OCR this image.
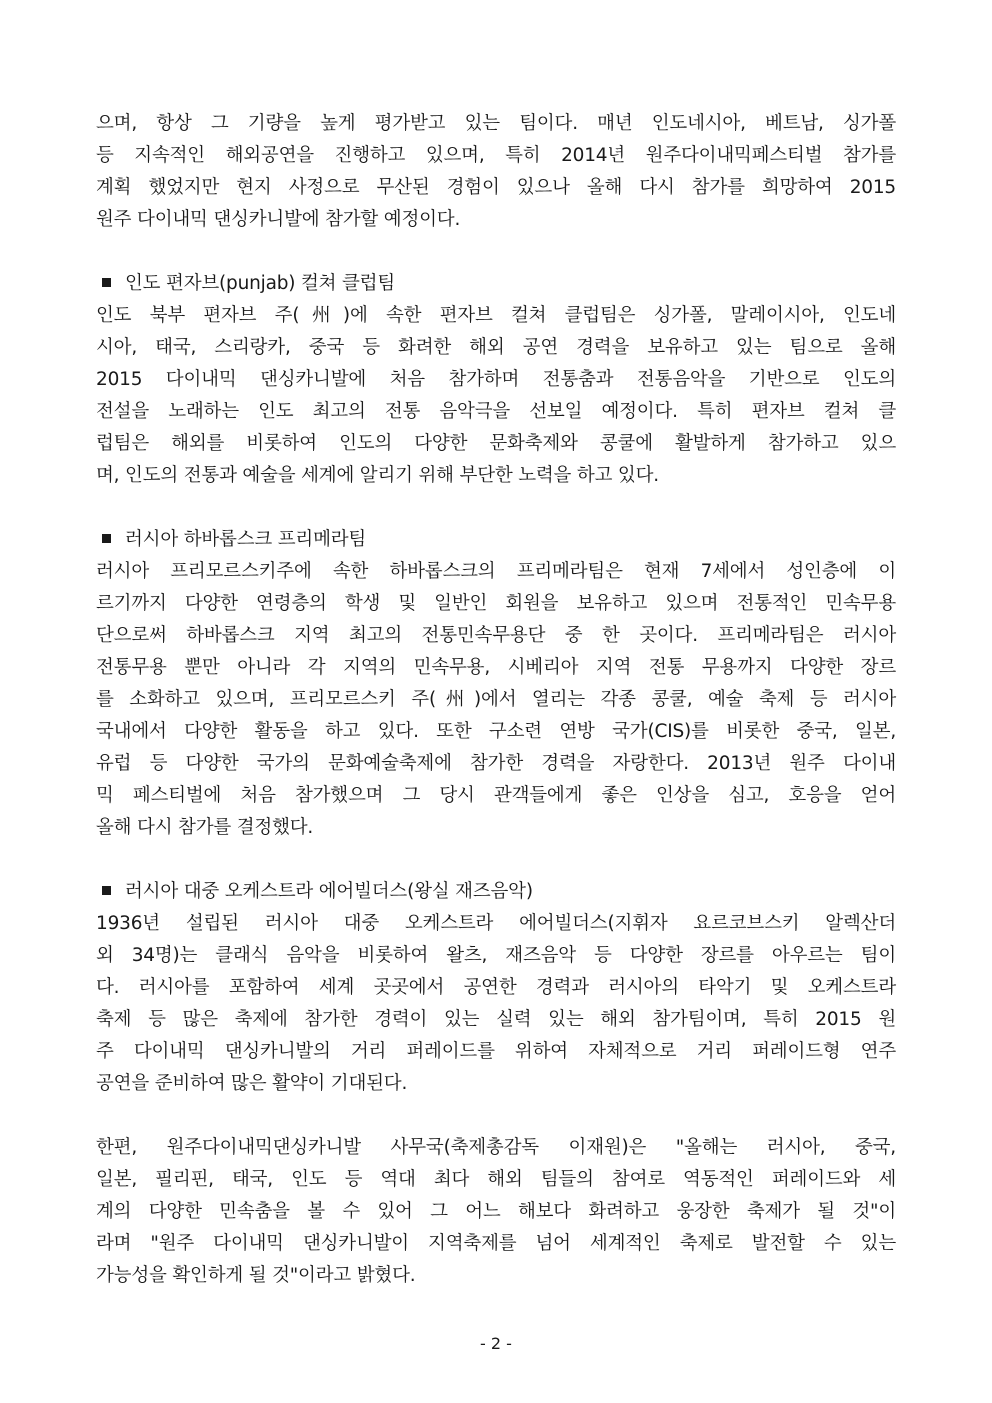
으며, 항상 그 기량을 높게 평가받고 있는 팀이다. 매년 인도네시아, 베트남, 싱가폴
등 지속적인 해외공연을 진행하고 있으며, 특히 2014년 원주다이내믹페스티벌 참가를
계획 했었지만 현지 사정으로 무산된 경험이 있으나 올해 다시 참가를 희망하여 2015
원주 다이내믹 댄싱카니발에 참가할 예정이다.
인도 편자브(punjab) 컬쳐 클럽팀
인도 북부 편자브 주(州)에 속한 편자브 컬쳐 클럽팀은 싱가폴, 말레이시아, 인도네
시아, 태국, 스리랑카, 중국 등 화려한 해외 공연 경력을 보유하고 있는 팀으로 올해
2015 다이내믹 댄싱카니발에 처음 참가하며 전통춤과 전통음악을 기반으로 인도의
전설을 노래하는 인도 최고의 전통 음악극을 선보일 예정이다. 특히 편자브 컬쳐 클
럽팀은 해외를 비롯하여 인도의 다양한 문화축제와 콩쿨에 활발하게 참가하고 있으
며, 인도의 전통과 예술을 세계에 알리기 위해 부단한 노력을 하고 있다.
러시아 하바롭스크 프리메라팀
러시아 프리모르스키주에 속한 하바롭스크의 프리메라팀은 현재 7세에서 성인층에 이
르기까지 다양한 연령층의 학생 및 일반인 회원을 보유하고 있으며 전통적인 민속무용
단으로써 하바롭스크 지역 최고의 전통민속무용단 중 한 곳이다. 프리메라팀은 러시아
전통무용 뿐만 아니라 각 지역의 민속무용, 시베리아 지역 전통 무용까지 다양한 장르
를 소화하고 있으며, 프리모르스키 주(州)에서 열리는 각종 콩쿨, 예술 축제 등 러시아
국내에서 다양한 활동을 하고 있다. 또한 구소련 연방 국가(CIS)를 비롯한 중국, 일본,
유럽 등 다양한 국가의 문화예술축제에 참가한 경력을 자랑한다. 2013년 원주 다이내
믹 페스티벌에 처음 참가했으며 그 당시 관객들에게 좋은 인상을 심고, 호응을 얻어
올해 다시 참가를 결정했다.
러시아 대중 오케스트라 에어빌더스(왕실 재즈음악)
1936년 설립된 러시아 대중 오케스트라 에어빌더스(지휘자 요르코브스키 알렉산더
외 34명)는 클래식 음악을 비롯하여 왈츠, 재즈음악 등 다양한 장르를 아우르는 팀이
다. 러시아를 포함하여 세계 곳곳에서 공연한 경력과 러시아의 타악기 및 오케스트라
축제 등 많은 축제에 참가한 경력이 있는 실력 있는 해외 참가팀이며, 특히 2015 원
주 다이내믹 댄싱카니발의 거리 퍼레이드를 위하여 자체적으로 거리 퍼레이드형 연주
공연을 준비하여 많은 활약이 기대된다.
한편, 원주다이내믹댄싱카니발 사무국(축제총감독 이재원)은 "올해는 러시아, 중국,
일본, 필리핀, 태국, 인도 등 역대 최다 해외 팀들의 참여로 역동적인 퍼레이드와 세
계의 다양한 민속춤을 볼 수 있어 그 어느 해보다 화려하고 웅장한 축제가 될 것"이
라며 "원주 다이내믹 댄싱카니발이 지역축제를 넘어 세계적인 축제로 발전할 수 있는
가능성을 확인하게 될 것"이라고 밝혔다.
- 2 -
